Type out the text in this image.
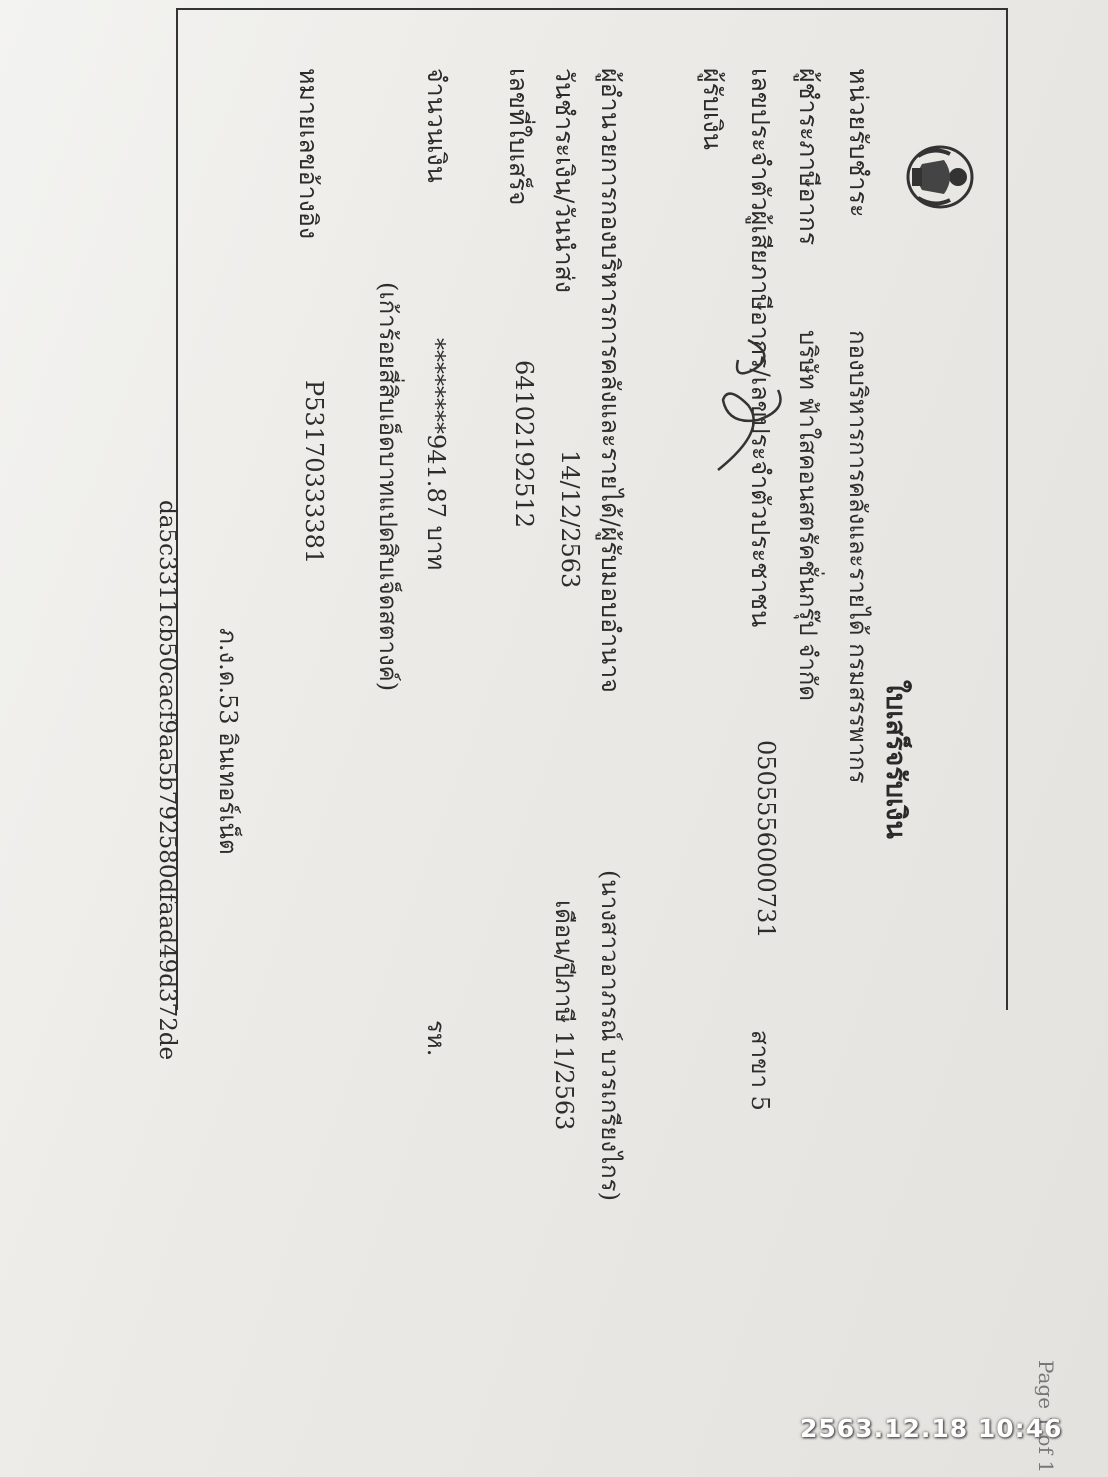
ใบเสร็จรับเงิน
Page 1 of 1
หน่วยรับชำระ
กองบริหารการคลังและรายได้ กรมสรรพากร
ผู้ชำระภาษีอากร
บริษัท ฟ้าใสคอนสตรัคชั่นกรุ๊ป จำกัด
เลขประจำตัวผู้เสียภาษีอากร/เลขประจำตัวประชาชน
0505556000731
สาขา 5
ผู้รับเงิน
ผู้อำนวยการกองบริหารการคลังและรายได้/ผู้รับมอบอำนาจ
(นางสาวอาภรณ์ บวรเกรียงไกร)
วันชำระเงิน/วันนำส่ง
14/12/2563
เดือน/ปีภาษี 11/2563
เลขที่ใบเสร็จ
64102192512
จำนวนเงิน
********941.87 บาท
รห.
(เก้าร้อยสี่สิบเอ็ดบาทแปดสิบเจ็ดสตางค์)
หมายเลขอ้างอิง
P53170333381
ภ.ง.ด.53 อินเทอร์เน็ต
da5c3311cb50cacf9aa5b792580dfaad49d372de
2563.12.18 10:46
